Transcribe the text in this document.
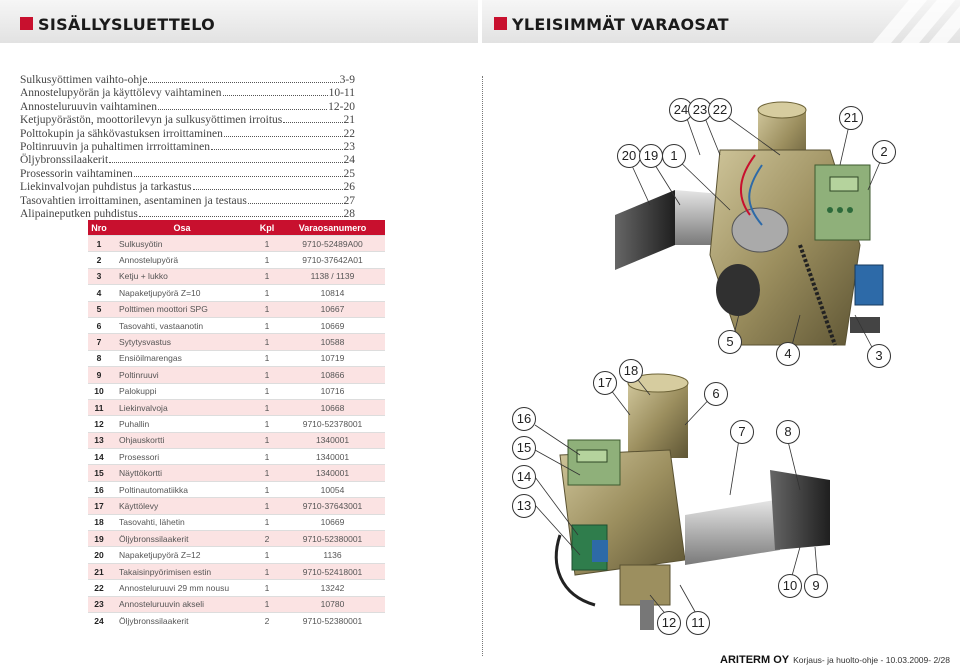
SISÄLLYSLUETTELO	YLEISIMMÄT VARAOSAT
Sulkusyöttimen vaihto-ohje	3-9
Annostelupyörän ja käyttölevy vaihtaminen	10-11
Annosteluruuvin vaihtaminen	12-20
Ketjupyörästön, moottorilevyn ja sulkusyöttimen irroitus	21
Polttokupin ja sähkövastuksen irroittaminen	22
Poltinruuvin ja puhaltimen irrroittaminen	23
Öljybronssilaakerit	24
Prosessorin vaihtaminen	25
Liekinvalvojan puhdistus ja tarkastus	26
Tasovahtien irroittaminen, asentaminen ja testaus	27
Alipaineputken puhdistus	28
Nro	Osa	Kpl	Varaosanumero
1	Sulkusyötin	1	9710-52489A00
2	Annostelupyörä	1	9710-37642A01
3	Ketju + lukko	1	1138 / 1139
4	Napaketjupyörä Z=10	1	10814
5	Polttimen moottori SPG	1	10667
6	Tasovahti, vastaanotin	1	10669
7	Sytytysvastus	1	10588
8	Ensiöilmarengas	1	10719
9	Poltinruuvi	1	10866
10	Palokuppi	1	10716
11	Liekinvalvoja	1	10668
12	Puhallin	1	9710-52378001
13	Ohjauskortti	1	1340001
14	Prosessori	1	1340001
15	Näyttökortti	1	1340001
16	Poltinautomatiikka	1	10054
17	Käyttölevy	1	9710-37643001
18	Tasovahti, lähetin	1	10669
19	Öljybronssilaakerit	2	9710-52380001
20	Napaketjupyörä Z=12	1	1136
21	Takaisinpyörimisen estin	1	9710-52418001
22	Annosteluruuvi 29 mm nousu	1	13242
23	Annosteluruuvin akseli	1	10780
24	Öljybronssilaakerit	2	9710-52380001
24 23 22
21
20 19 1	2
5
4	3
17
18
6
16
7	8
15
14
13
10	9
12	11
ARITERM OY Korjaus- ja huolto-ohje - 10.03.2009- 2/28
